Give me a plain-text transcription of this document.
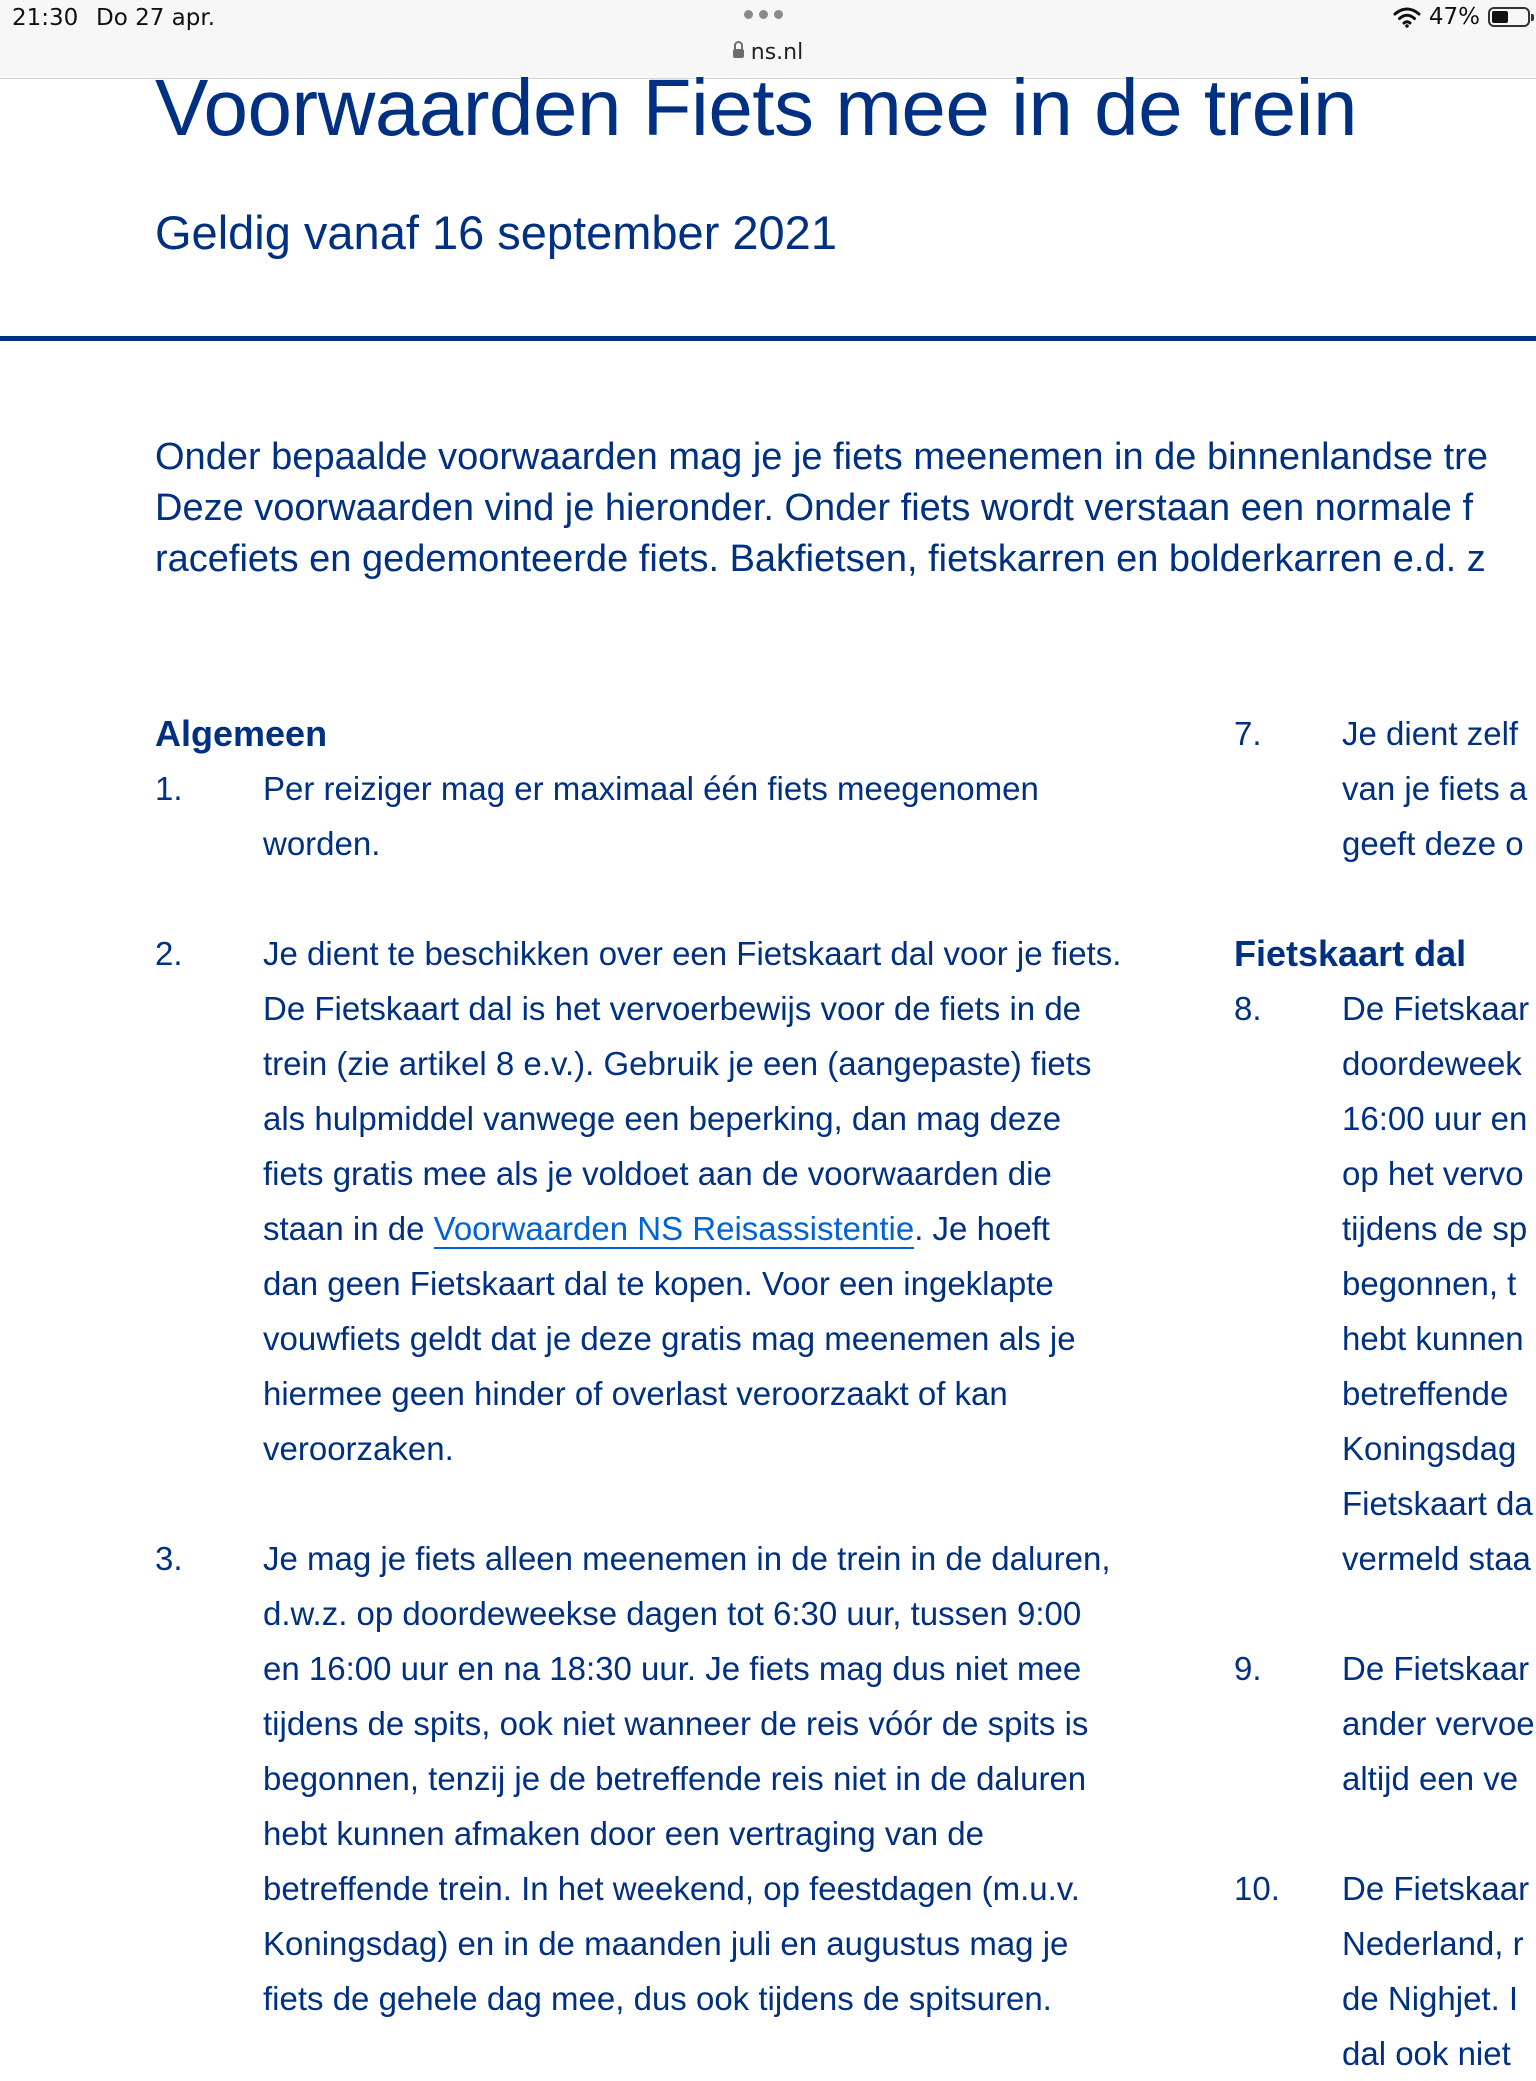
21:30 Do 27 apr.
ns.nl
47%
Voorwaarden Fiets mee in de trein
Geldig vanaf 16 september 2021
Onder bepaalde voorwaarden mag je je fiets meenemen in de binnenlandse tre
Deze voorwaarden vind je hieronder. Onder fiets wordt verstaan een normale f
racefiets en gedemonteerde fiets. Bakfietsen, fietskarren en bolderkarren e.d. z
Algemeen
1. Per reiziger mag er maximaal één fiets meegenomen
worden.
2. Je dient te beschikken over een Fietskaart dal voor je fiets.
De Fietskaart dal is het vervoerbewijs voor de fiets in de
trein (zie artikel 8 e.v.). Gebruik je een (aangepaste) fiets
als hulpmiddel vanwege een beperking, dan mag deze
fiets gratis mee als je voldoet aan de voorwaarden die
staan in de Voorwaarden NS Reisassistentie. Je hoeft
dan geen Fietskaart dal te kopen. Voor een ingeklapte
vouwfiets geldt dat je deze gratis mag meenemen als je
hiermee geen hinder of overlast veroorzaakt of kan
veroorzaken.
3. Je mag je fiets alleen meenemen in de trein in de daluren,
d.w.z. op doordeweekse dagen tot 6:30 uur, tussen 9:00
en 16:00 uur en na 18:30 uur. Je fiets mag dus niet mee
tijdens de spits, ook niet wanneer de reis vóór de spits is
begonnen, tenzij je de betreffende reis niet in de daluren
hebt kunnen afmaken door een vertraging van de
betreffende trein. In het weekend, op feestdagen (m.u.v.
Koningsdag) en in de maanden juli en augustus mag je
fiets de gehele dag mee, dus ook tijdens de spitsuren.
7. Je dient zelf
van je fiets a
geeft deze o
Fietskaart dal
8. De Fietskaar
doordeweek
16:00 uur en
op het vervo
tijdens de sp
begonnen, t
hebt kunnen
betreffende
Koningsdag
Fietskaart da
vermeld staa
9. De Fietskaar
ander vervoe
altijd een ve
10. De Fietskaar
Nederland, r
de Nighjet. I
dal ook niet
